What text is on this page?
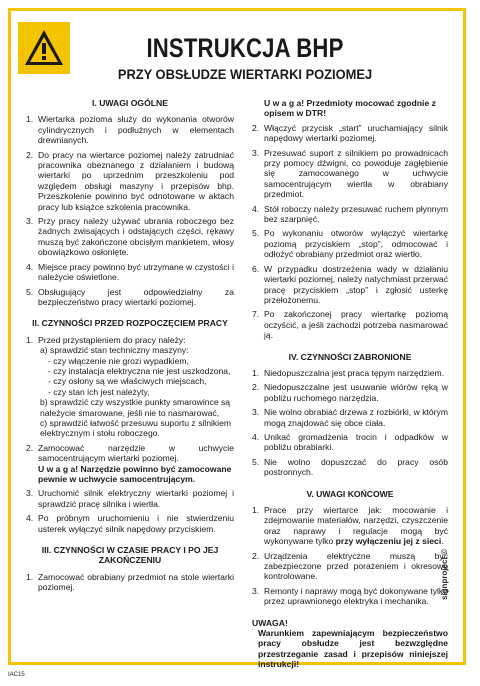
INSTRUKCJA BHP
PRZY OBSŁUDZE WIERTARKI POZIOMEJ
I. UWAGI OGÓLNE
1. Wiertarka pozioma służy do wykonania otworów cylindrycznych i podłużnych w elementach drewnianych.
2. Do pracy na wiertarce poziomej należy zatrudniać pracownika obeznanego z działaniem i budową wiertarki po uprzednim przeszkoleniu pod względem obsługi maszyny i przepisów bhp. Przeszkolenie powinno być odnotowane w aktach pracy lub książce szkolenia pracownika.
3. Przy pracy należy używać ubrania roboczego bez żadnych zwisających i odstających części, rękawy muszą być zakończone obcisłym mankietem, włosy obowiązkowo osłonięte.
4. Miejsce pracy powinno być utrzymane w czystości i należycie oświetlone.
5. Obsługujący jest odpowiedzialny za bezpieczeństwo pracy wiertarki poziomej.
II. CZYNNOŚCI PRZED ROZPOCZĘCIEM PRACY
1. Przed przystąpieniem do pracy należy:
a) sprawdzić stan techniczny maszyny:
- czy włączenie nie grozi wypadkiem,
- czy instalacja elektryczna nie jest uszkodzona,
- czy osłony są we właściwych miejscach,
- czy stan ich jest należyty,
b) sprawdzić czy wszystkie punkty smarowince są należycie smarowane, jeśli nie to nasmarować,
c) sprawdzić łatwość przesuwu suportu z silnikiem elektrycznym i stołu roboczego.
2. Zamocować narzędzie w uchwycie samocentrującym wiertarki poziomej.
U w a g a! Narzędzie powinno być zamocowane pewnie w uchwycie samocentrującym.
3. Uruchomić silnik elektryczny wiertarki poziomej i sprawdzić pracę silnika i wiertła.
4. Po próbnym uruchomieniu i nie stwierdzeniu usterek wyłączyć silnik napędowy przyciskiem.
III. CZYNNOŚCI W CZASIE PRACY I PO JEJ ZAKOŃCZENIU
1. Zamocować obrabiany przedmiot na stole wiertarki poziomej.
U w a g a! Przedmioty mocować zgodnie z opisem w DTR!
2. Włączyć przycisk „start” uruchamiający silnik napędowy wiertarki poziomej.
3. Przesuwać suport z silnikiem po prowadnicach przy pomocy dźwigni, co powoduje zagłębienie się zamocowanego w uchwycie samocentrującym wiertła w obrabiany przedmiot.
4. Stół roboczy należy przesuwać ruchem płynnym bez szarpnięć.
5. Po wykonaniu otworów wyłączyć wiertarkę poziomą przyciskiem „stop”, odmocować i odłożyć obrabiany przedmiot oraz wiertło.
6. W przypadku dostrzeżenia wady w działaniu wiertarki poziomej, należy natychmiast przerwać pracę przyciskiem „stop” i zgłosić usterkę przełożonemu.
7. Po zakończonej pracy wiertarkę poziomą oczyścić, a jeśli zachodzi potrzeba nasmarować ją.
IV. CZYNNOŚCI ZABRONIONE
1. Niedopuszczalna jest praca tępym narzędziem.
2. Niedopuszczalne jest usuwanie wiórów ręką w pobliżu ruchomego narzędzia.
3. Nie wolno obrabiać drzewa z rozbiórki, w którym mogą znajdować się obce ciała.
4. Unikać gromadzenia trocin i odpadków w pobliżu obrabiarki.
5. Nie wolno dopuszczać do pracy osób postronnych.
V. UWAGI KOŃCOWE
1. Prace przy wiertarce jak: mocowanie i zdejmowanie materiałów, narzędzi, czyszczenie oraz naprawy i regulacje mogą być wykonywane tylko przy wyłączeniu jej z sieci.
2. Urządzenia elektryczne muszą być zabezpieczone przed porażeniem i okresowo kontrolowane.
3. Remonty i naprawy mogą być dokonywane tylko przez uprawnionego elektryka i mechanika.
UWAGA!
Warunkiem zapewniającym bezpieczeństwo pracy obsłudze jest bezwzględne przestrzeganie zasad i przepisów niniejszej instrukcji!
signproject ©
IAC15
